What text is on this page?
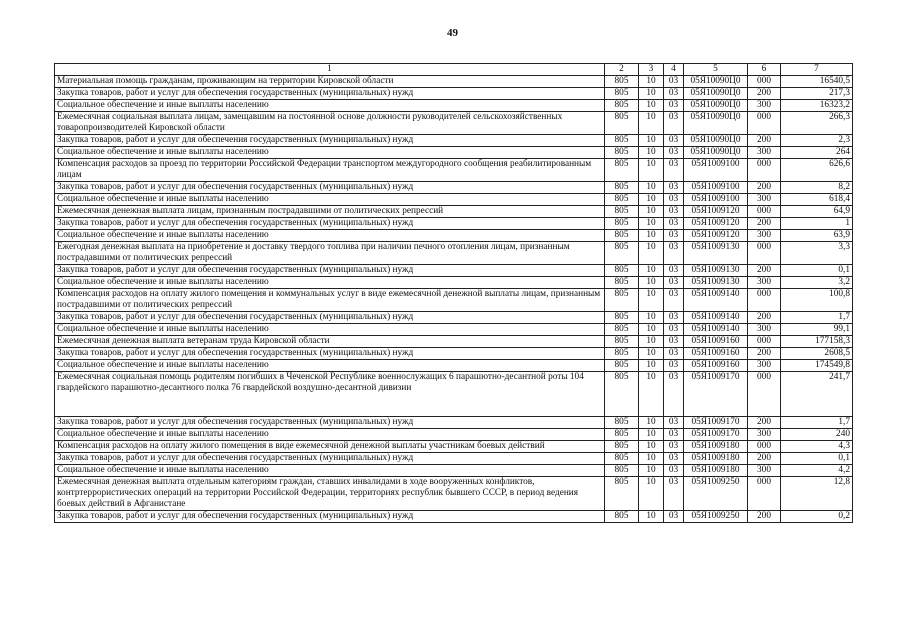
49
1	2	3	4	5	6	7
Материальная помощь гражданам, проживающим на территории Кировской области	805	10	03	05Я10090Ц0	000	16540,5
Закупка товаров, работ и услуг для обеспечения государственных (муниципальных) нужд	805	10	03	05Я10090Ц0	200	217,3
Социальное обеспечение и иные выплаты населению	805	10	03	05Я10090Ц0	300	16323,2
Ежемесячная социальная выплата лицам, замещавшим на постоянной основе должности руководителей сельскохозяйственных товаропроизводителей Кировской области	805	10	03	05Я10090Ц0	000	266,3
Закупка товаров, работ и услуг для обеспечения государственных (муниципальных) нужд	805	10	03	05Я10090Ц0	200	2,3
Социальное обеспечение и иные выплаты населению	805	10	03	05Я10090Ц0	300	264
Компенсация расходов за проезд по территории Российской Федерации транспортом междугородного сообщения реабилитированным лицам	805	10	03	05Я1009100	000	626,6
Закупка товаров, работ и услуг для обеспечения государственных (муниципальных) нужд	805	10	03	05Я1009100	200	8,2
Социальное обеспечение и иные выплаты населению	805	10	03	05Я1009100	300	618,4
Ежемесячная денежная выплата лицам, признанным пострадавшими от политических репрессий	805	10	03	05Я1009120	000	64,9
Закупка товаров, работ и услуг для обеспечения государственных (муниципальных) нужд	805	10	03	05Я1009120	200	1
Социальное обеспечение и иные выплаты населению	805	10	03	05Я1009120	300	63,9
Ежегодная денежная выплата на приобретение и доставку твердого топлива при наличии печного отопления лицам, признанным пострадавшими от политических репрессий	805	10	03	05Я1009130	000	3,3
Закупка товаров, работ и услуг для обеспечения государственных (муниципальных) нужд	805	10	03	05Я1009130	200	0,1
Социальное обеспечение и иные выплаты населению	805	10	03	05Я1009130	300	3,2
Компенсация расходов на оплату жилого помещения и коммунальных услуг в виде ежемесячной денежной выплаты лицам, признанным пострадавшими от политических репрессий	805	10	03	05Я1009140	000	100,8
Закупка товаров, работ и услуг для обеспечения государственных (муниципальных) нужд	805	10	03	05Я1009140	200	1,7
Социальное обеспечение и иные выплаты населению	805	10	03	05Я1009140	300	99,1
Ежемесячная денежная выплата ветеранам труда Кировской области	805	10	03	05Я1009160	000	177158,3
Закупка товаров, работ и услуг для обеспечения государственных (муниципальных) нужд	805	10	03	05Я1009160	200	2608,5
Социальное обеспечение и иные выплаты населению	805	10	03	05Я1009160	300	174549,8
Ежемесячная социальная помощь родителям погибших в Чеченской Республике военнослужащих 6 парашютно-десантной роты 104 гвардейского парашютно-десантного полка 76 гвардейской воздушно-десантной дивизии	805	10	03	05Я1009170	000	241,7
Закупка товаров, работ и услуг для обеспечения государственных (муниципальных) нужд	805	10	03	05Я1009170	200	1,7
Социальное обеспечение и иные выплаты населению	805	10	03	05Я1009170	300	240
Компенсация расходов на оплату жилого помещения в виде ежемесячной денежной выплаты участникам боевых действий	805	10	03	05Я1009180	000	4,3
Закупка товаров, работ и услуг для обеспечения государственных (муниципальных) нужд	805	10	03	05Я1009180	200	0,1
Социальное обеспечение и иные выплаты населению	805	10	03	05Я1009180	300	4,2
Ежемесячная денежная выплата отдельным категориям граждан, ставших инвалидами в ходе вооруженных конфликтов, контртеррористических операций на территории Российской Федерации, территориях республик бывшего СССР, в период ведения боевых действий в Афганистане	805	10	03	05Я1009250	000	12,8
Закупка товаров, работ и услуг для обеспечения государственных (муниципальных) нужд	805	10	03	05Я1009250	200	0,2
